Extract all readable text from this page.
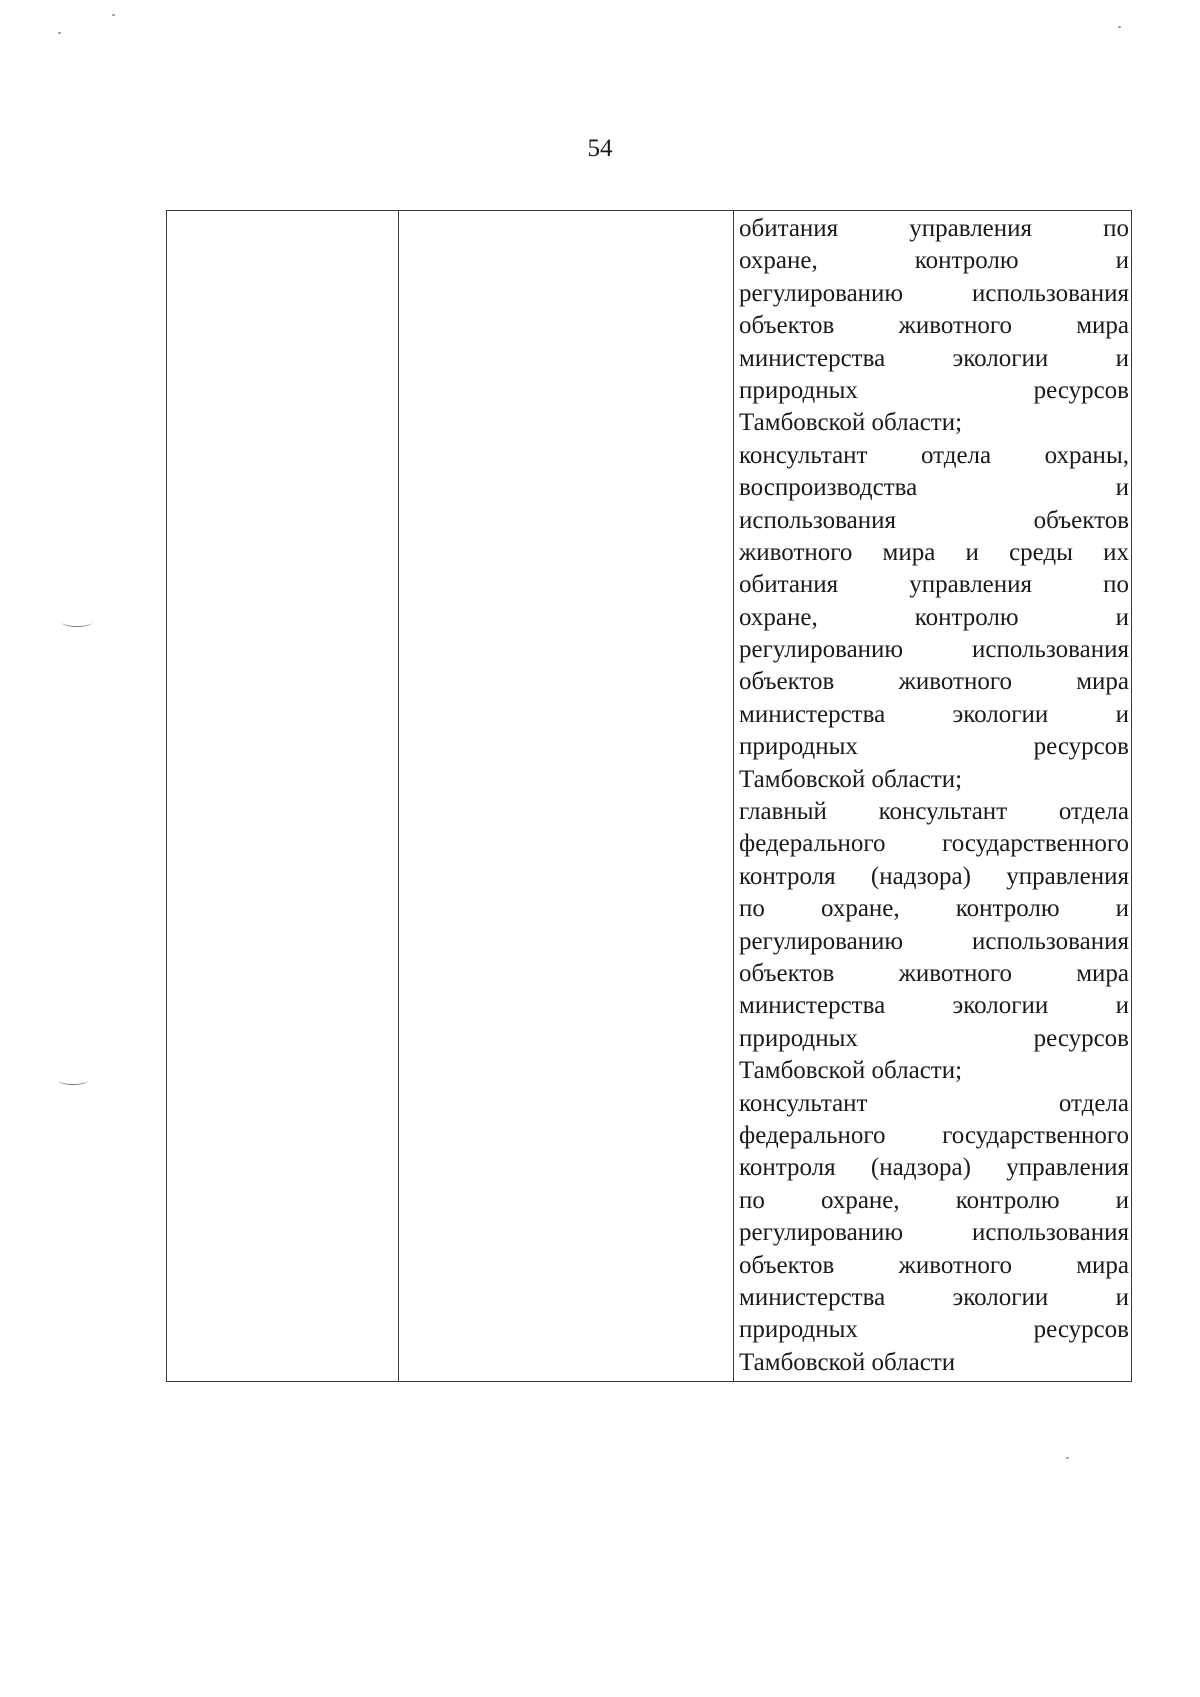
54

обитания управления по
охране, контролю и
регулированию использования
объектов животного мира
министерства экологии и
природных ресурсов
Тамбовской области;
консультант отдела охраны,
воспроизводства и
использования объектов
животного мира и среды их
обитания управления по
охране, контролю и
регулированию использования
объектов животного мира
министерства экологии и
природных ресурсов
Тамбовской области;
главный консультант отдела
федерального государственного
контроля (надзора) управления
по охране, контролю и
регулированию использования
объектов животного мира
министерства экологии и
природных ресурсов
Тамбовской области;
консультант отдела
федерального государственного
контроля (надзора) управления
по охране, контролю и
регулированию использования
объектов животного мира
министерства экологии и
природных ресурсов
Тамбовской области
